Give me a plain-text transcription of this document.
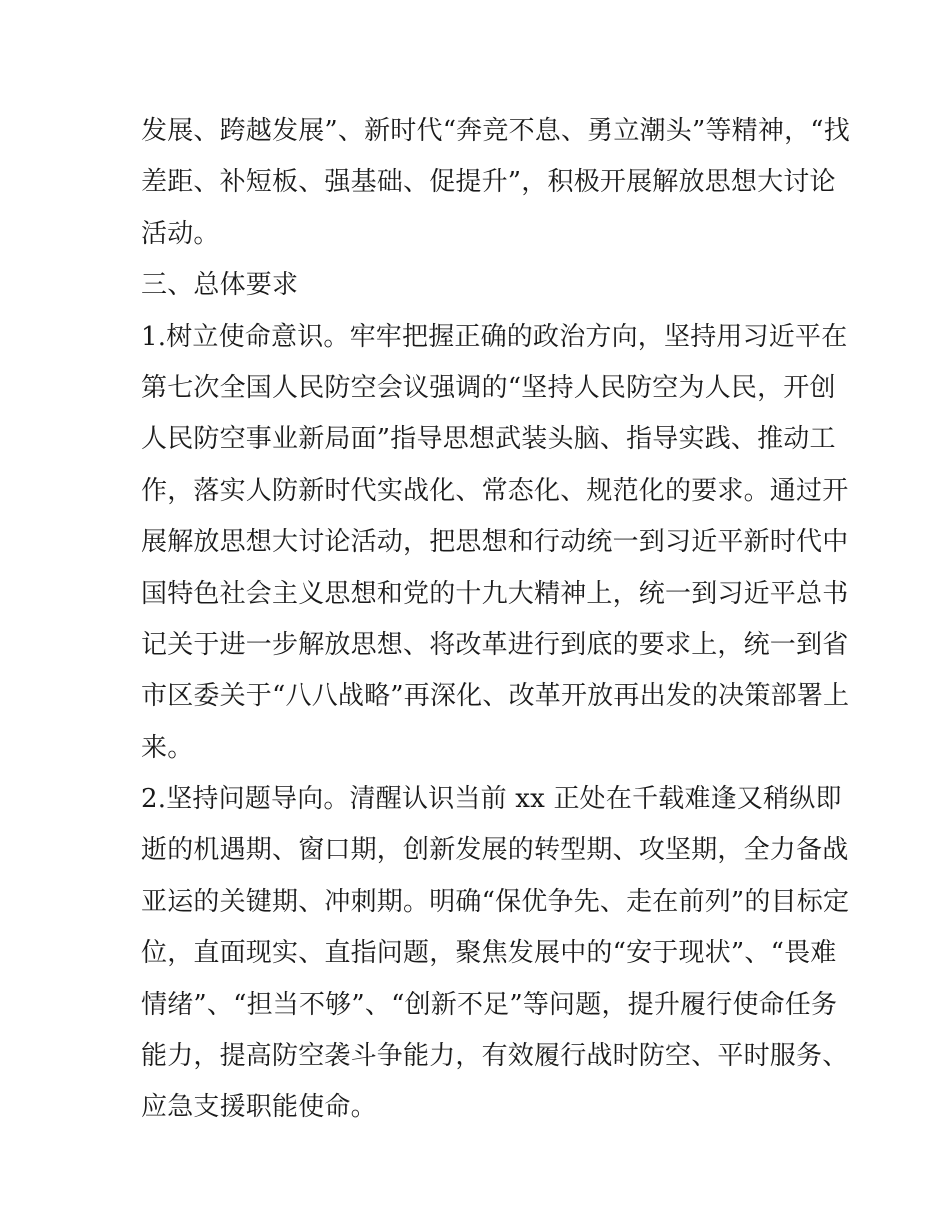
发展、跨越发展”、新时代“奔竞不息、勇立潮头”等精神，“找
差距、补短板、强基础、促提升”，积极开展解放思想大讨论
活动。
三、总体要求
1.树立使命意识。牢牢把握正确的政治方向，坚持用习近平在
第七次全国人民防空会议强调的“坚持人民防空为人民，开创
人民防空事业新局面”指导思想武装头脑、指导实践、推动工
作，落实人防新时代实战化、常态化、规范化的要求。通过开
展解放思想大讨论活动，把思想和行动统一到习近平新时代中
国特色社会主义思想和党的十九大精神上，统一到习近平总书
记关于进一步解放思想、将改革进行到底的要求上，统一到省
市区委关于“八八战略”再深化、改革开放再出发的决策部署上
来。
2.坚持问题导向。清醒认识当前 xx 正处在千载难逢又稍纵即
逝的机遇期、窗口期，创新发展的转型期、攻坚期，全力备战
亚运的关键期、冲刺期。明确“保优争先、走在前列”的目标定
位，直面现实、直指问题，聚焦发展中的“安于现状”、“畏难
情绪”、“担当不够”、“创新不足”等问题，提升履行使命任务
能力，提高防空袭斗争能力，有效履行战时防空、平时服务、
应急支援职能使命。
